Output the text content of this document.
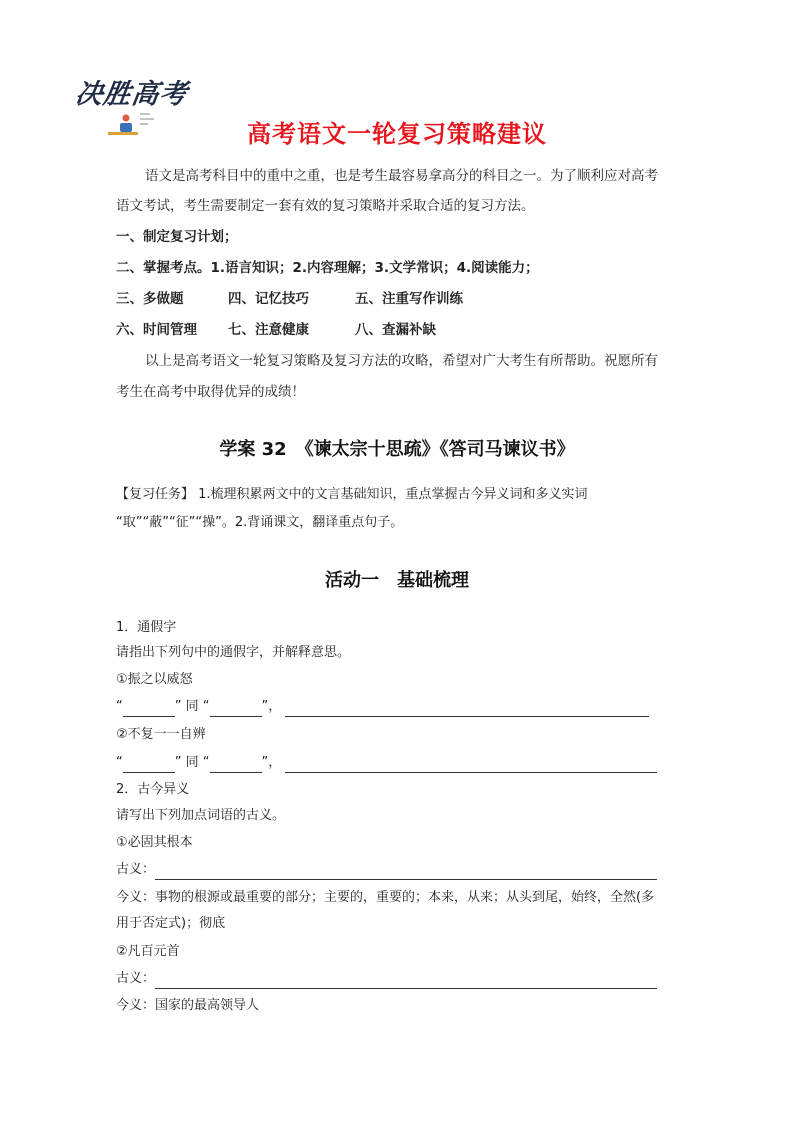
决胜高考
高考语文一轮复习策略建议
语文是高考科目中的重中之重，也是考生最容易拿高分的科目之一。为了顺利应对高考
语文考试，考生需要制定一套有效的复习策略并采取合适的复习方法。
一、制定复习计划；
二、掌握考点。1.语言知识；2.内容理解；3.文学常识；4.阅读能力；
三、多做题	四、记忆技巧	五、注重写作训练
六、时间管理 七、注意健康	八、查漏补缺
以上是高考语文一轮复习策略及复习方法的攻略，希望对广大考生有所帮助。祝愿所有
考生在高考中取得优异的成绩！
学案 32　《谏太宗十思疏》《答司马谏议书》
【复习任务】 1.梳理积累两文中的文言基础知识，重点掌握古今异义词和多义实词
“取”“蔽”“征”“操”。2.背诵课文，翻译重点句子。
活动一　基础梳理
1．通假字
请指出下列句中的通假字，并解释意思。
①振之以威怒
“	” 同 “	”，
②不复一一自辨
“	” 同 “	”，
2．古今异义
请写出下列加点词语的古义。
①必固其根本
古义：
今义：事物的根源或最重要的部分；主要的，重要的；本来，从来；从头到尾，始终，全然(多
用于否定式)；彻底
②凡百元首
古义：
今义：国家的最高领导人
